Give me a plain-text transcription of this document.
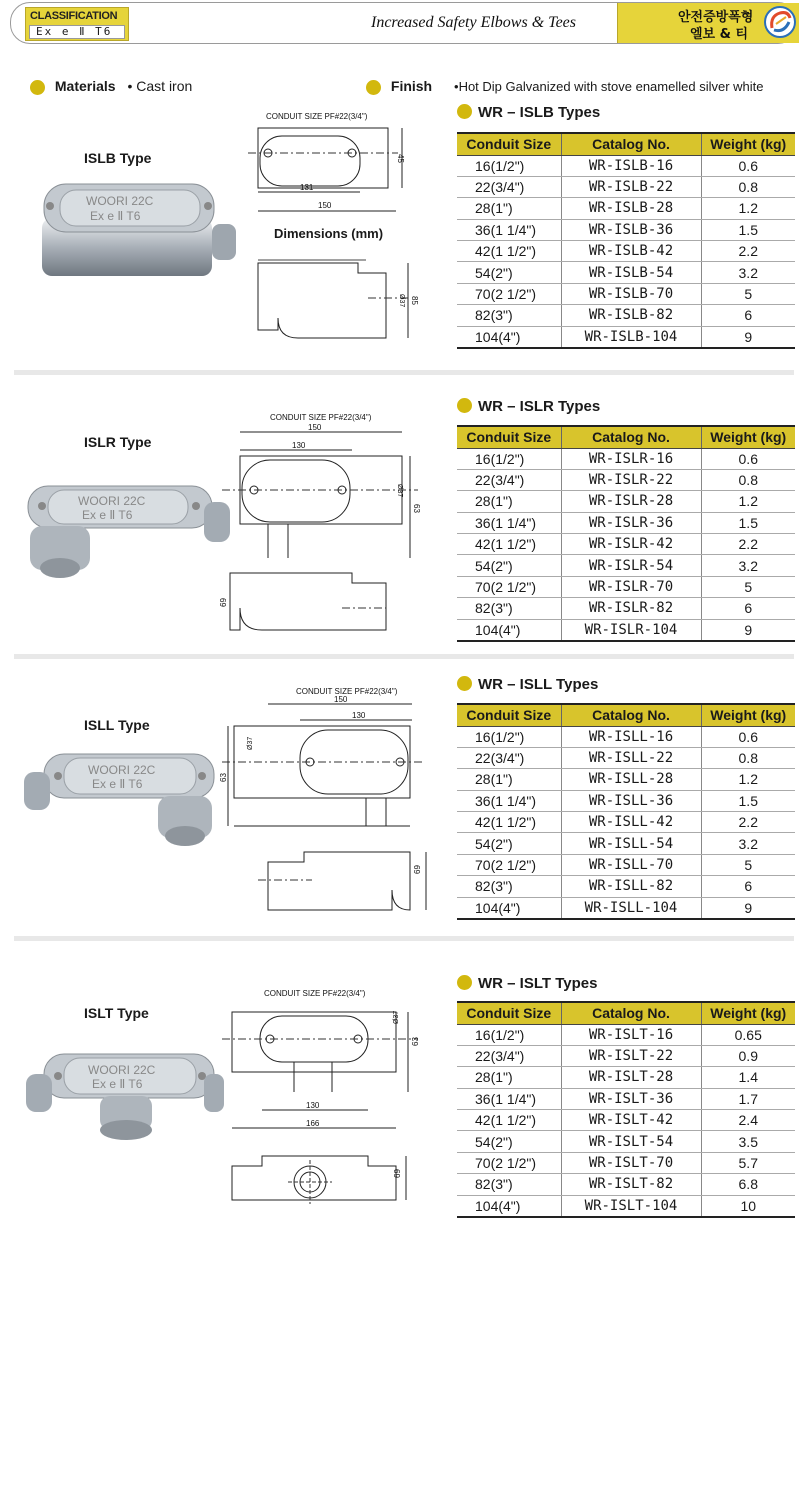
CLASSIFICATION
Ex e Ⅱ T6
Increased Safety Elbows & Tees	안전증방폭형
엘보 & 티
Materials • Cast iron	Finish •Hot Dip Galvanized with stove enamelled silver white
ISLB Type
WOORI 22C
Ex e Ⅱ T6
CONDUIT SIZE PF#22(3/4")
131
150
45
Ø37 85
Dimensions (mm)
WR – ISLB Types
Conduit Size	Catalog No.	Weight (kg)
16(1/2")	WR-ISLB-16	0.6
22(3/4")	WR-ISLB-22	0.8
28(1")	WR-ISLB-28	1.2
36(1 1/4")	WR-ISLB-36	1.5
42(1 1/2")	WR-ISLB-42	2.2
54(2")	WR-ISLB-54	3.2
70(2 1/2")	WR-ISLB-70	5
82(3")	WR-ISLB-82	6
104(4")	WR-ISLB-104	9
ISLR Type
WOORI 22C
Ex e Ⅱ T6
CONDUIT SIZE PF#22(3/4")
150
130
Ø37
63
69
WR – ISLR Types
Conduit Size	Catalog No.	Weight (kg)
16(1/2")	WR-ISLR-16	0.6
22(3/4")	WR-ISLR-22	0.8
28(1")	WR-ISLR-28	1.2
36(1 1/4")	WR-ISLR-36	1.5
42(1 1/2")	WR-ISLR-42	2.2
54(2")	WR-ISLR-54	3.2
70(2 1/2")	WR-ISLR-70	5
82(3")	WR-ISLR-82	6
104(4")	WR-ISLR-104	9
ISLL Type
WOORI 22C
Ex e Ⅱ T6
CONDUIT SIZE PF#22(3/4")
150
130
Ø37
63
69
WR – ISLL Types
Conduit Size	Catalog No.	Weight (kg)
16(1/2")	WR-ISLL-16	0.6
22(3/4")	WR-ISLL-22	0.8
28(1")	WR-ISLL-28	1.2
36(1 1/4")	WR-ISLL-36	1.5
42(1 1/2")	WR-ISLL-42	2.2
54(2")	WR-ISLL-54	3.2
70(2 1/2")	WR-ISLL-70	5
82(3")	WR-ISLL-82	6
104(4")	WR-ISLL-104	9
ISLT Type
WOORI 22C
Ex e Ⅱ T6
CONDUIT SIZE PF#22(3/4")
130
166
Ø37
63
69
WR – ISLT Types
Conduit Size	Catalog No.	Weight (kg)
16(1/2")	WR-ISLT-16	0.65
22(3/4")	WR-ISLT-22	0.9
28(1")	WR-ISLT-28	1.4
36(1 1/4")	WR-ISLT-36	1.7
42(1 1/2")	WR-ISLT-42	2.4
54(2")	WR-ISLT-54	3.5
70(2 1/2")	WR-ISLT-70	5.7
82(3")	WR-ISLT-82	6.8
104(4")	WR-ISLT-104	10
